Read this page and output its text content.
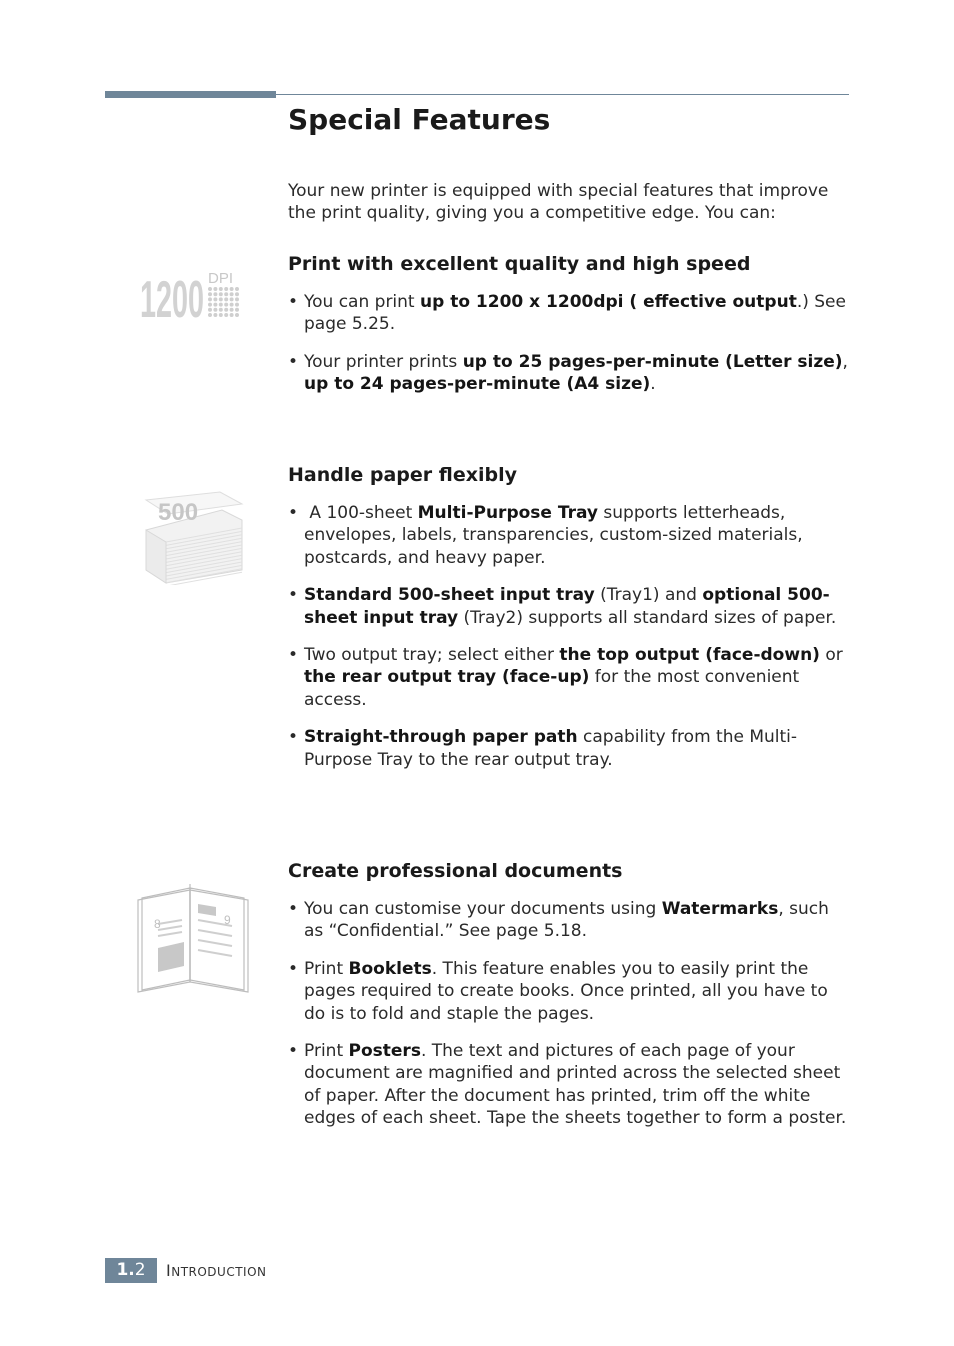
Special Features

Your new printer is equipped with special features that improve the print quality, giving you a competitive edge. You can:

1200 DPI
500
8	9
Print with excellent quality and high speed

• You can print up to 1200 x 1200dpi ( effective output.) See page 5.25.

• Your printer prints up to 25 pages-per-minute (Letter size), up to 24 pages-per-minute (A4 size).

Handle paper flexibly

• A 100-sheet Multi-Purpose Tray supports letterheads, envelopes, labels, transparencies, custom-sized materials, postcards, and heavy paper.

• Standard 500-sheet input tray (Tray1) and optional 500-sheet input tray (Tray2) supports all standard sizes of paper.

• Two output tray; select either the top output (face-down) or the rear output tray (face-up) for the most convenient access.

• Straight-through paper path capability from the Multi-Purpose Tray to the rear output tray.

Create professional documents

• You can customise your documents using Watermarks, such as “Confidential.” See page 5.18.

• Print Booklets. This feature enables you to easily print the pages required to create books. Once printed, all you have to do is to fold and staple the pages.

• Print Posters. The text and pictures of each page of your document are magnified and printed across the selected sheet of paper. After the document has printed, trim off the white edges of each sheet. Tape the sheets together to form a poster.

1.2	INTRODUCTION
